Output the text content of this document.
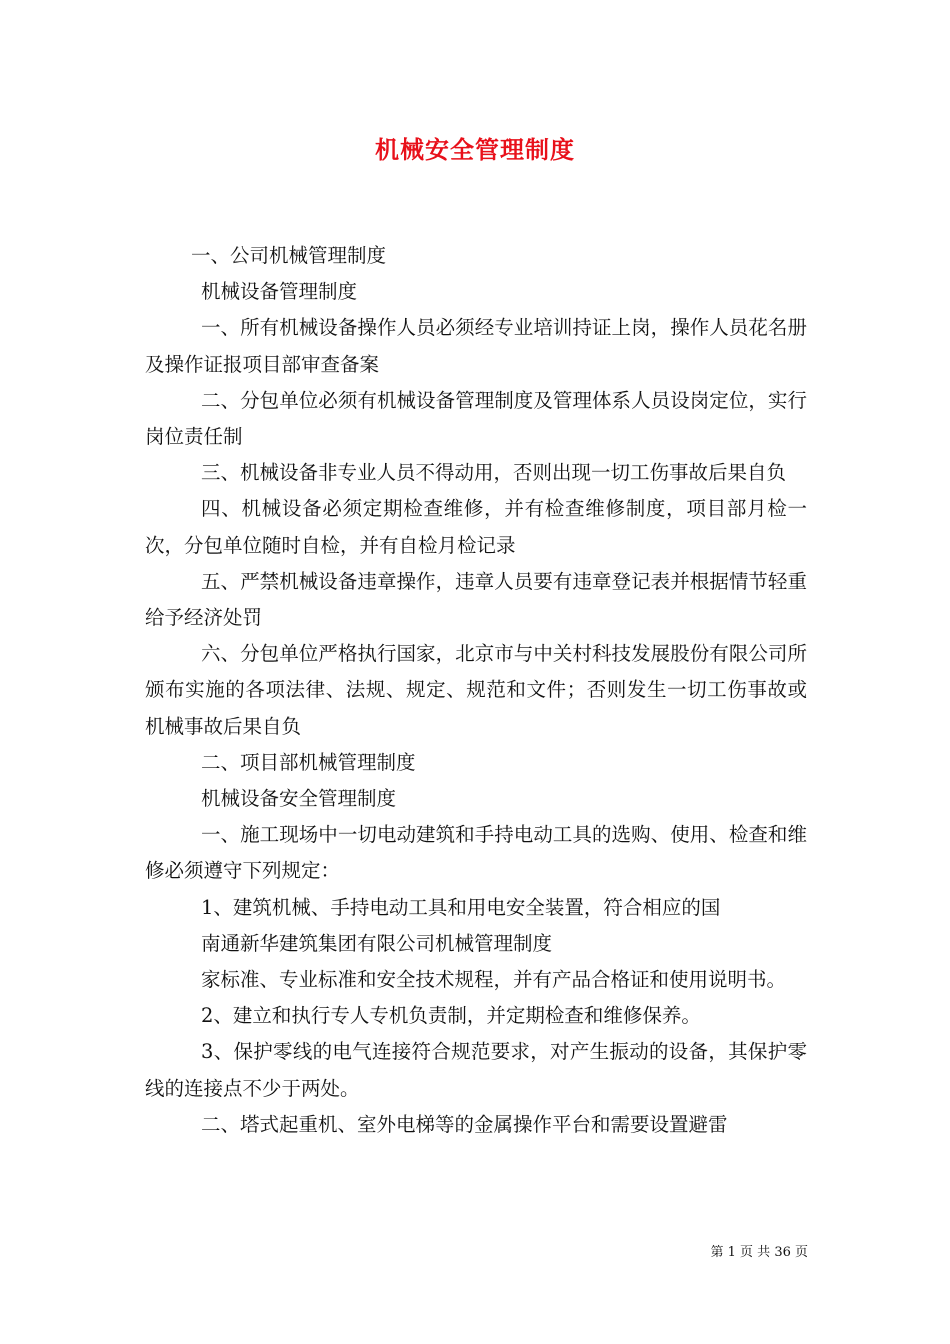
机械安全管理制度

一、公司机械管理制度

机械设备管理制度

一、所有机械设备操作人员必须经专业培训持证上岗，操作人员花名册及操作证报项目部审查备案

二、分包单位必须有机械设备管理制度及管理体系人员设岗定位，实行岗位责任制

三、机械设备非专业人员不得动用，否则出现一切工伤事故后果自负

四、机械设备必须定期检查维修，并有检查维修制度，项目部月检一次，分包单位随时自检，并有自检月检记录

五、严禁机械设备违章操作，违章人员要有违章登记表并根据情节轻重给予经济处罚

六、分包单位严格执行国家，北京市与中关村科技发展股份有限公司所颁布实施的各项法律、法规、规定、规范和文件；否则发生一切工伤事故或机械事故后果自负

二、项目部机械管理制度

机械设备安全管理制度

一、施工现场中一切电动建筑和手持电动工具的选购、使用、检查和维修必须遵守下列规定：

1、建筑机械、手持电动工具和用电安全装置，符合相应的国

南通新华建筑集团有限公司机械管理制度

家标准、专业标准和安全技术规程，并有产品合格证和使用说明书。

2、建立和执行专人专机负责制，并定期检查和维修保养。

3、保护零线的电气连接符合规范要求，对产生振动的设备，其保护零线的连接点不少于两处。

二、塔式起重机、室外电梯等的金属操作平台和需要设置避雷

第 1 页 共 36 页
